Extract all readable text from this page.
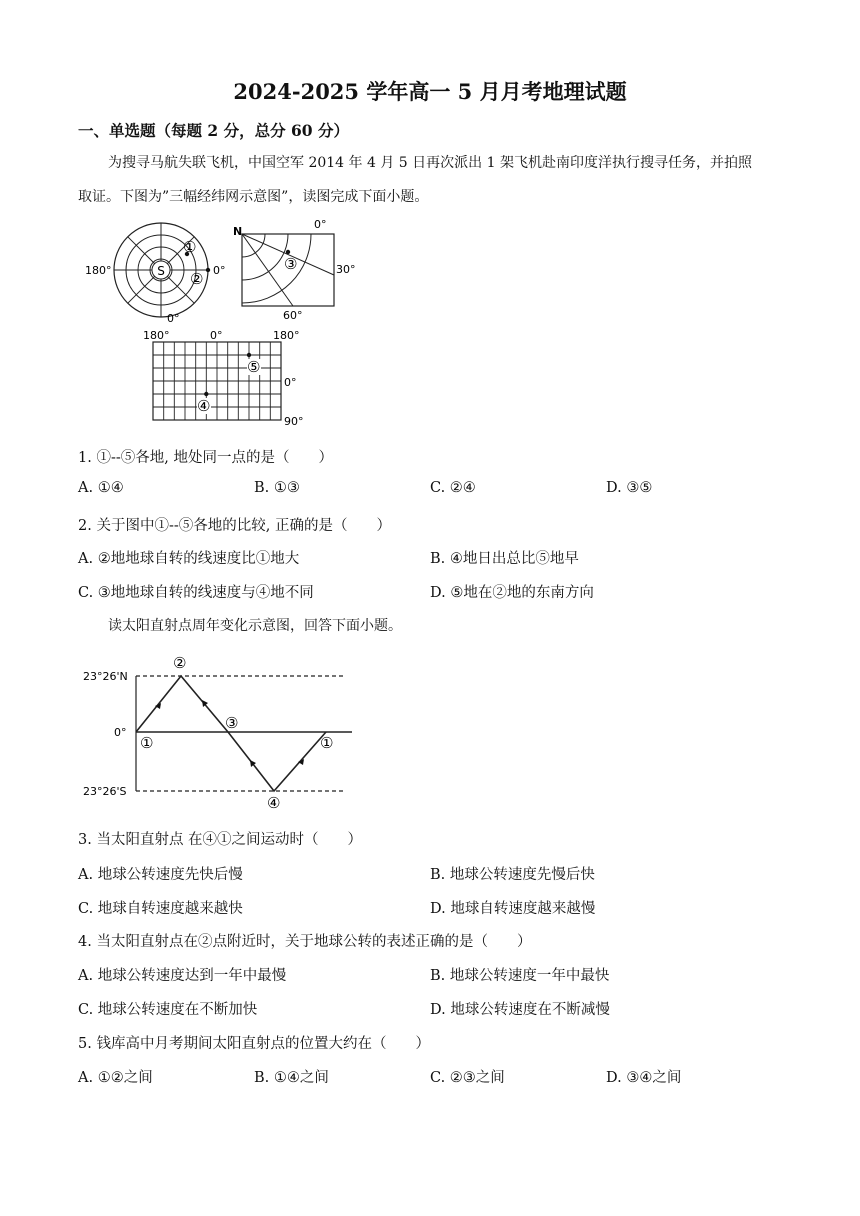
2024-2025 学年高一 5 月月考地理试题
一、单选题（每题 2 分，总分 60 分）
为搜寻马航失联飞机，中国空军 2014 年 4 月 5 日再次派出 1 架飞机赴南印度洋执行搜寻任务，并拍照
取证。下图为”三幅经纬网示意图”，读图完成下面小题。
S
①
②
180°	0°
0°
③
N
0°
30°
60°
⑤
④
180°	0°	180°
0°
90°
1. ①--⑤各地, 地处同一点的是（　　）
A. ①④	B. ①③	C. ②④	D. ③⑤
2. 关于图中①--⑤各地的比较, 正确的是（　　）
A. ②地地球自转的线速度比①地大	B. ④地日出总比⑤地早
C. ③地地球自转的线速度与④地不同	D. ⑤地在②地的东南方向
读太阳直射点周年变化示意图，回答下面小题。
23°26'N
0°
23°26'S
②
①
③
④
①
3. 当太阳直射点 在④①之间运动时（　　）
A. 地球公转速度先快后慢	B. 地球公转速度先慢后快
C. 地球自转速度越来越快	D. 地球自转速度越来越慢
4. 当太阳直射点在②点附近时，关于地球公转的表述正确的是（　　）
A. 地球公转速度达到一年中最慢	B. 地球公转速度一年中最快
C. 地球公转速度在不断加快	D. 地球公转速度在不断减慢
5. 钱库高中月考期间太阳直射点的位置大约在（　　）
A. ①②之间	B. ①④之间	C. ②③之间	D. ③④之间
